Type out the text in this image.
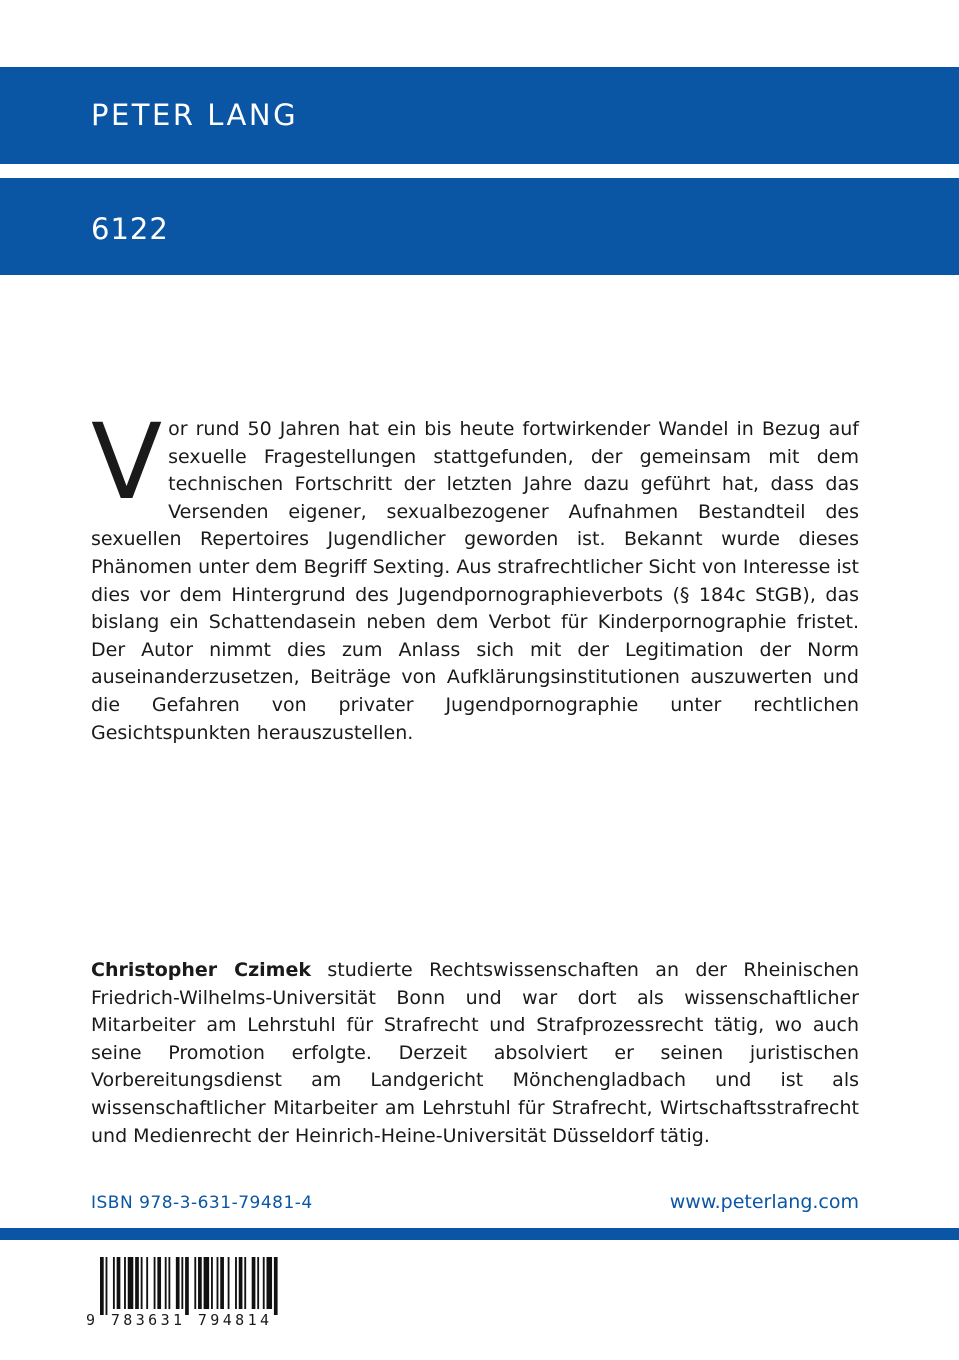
PETER LANG
6122
V or rund 50 Jahren hat ein bis heute fortwirkender Wandel in Bezug auf sexuelle Fragestellungen stattgefunden, der gemeinsam mit dem technischen Fortschritt der letzten Jahre dazu geführt hat, dass das Versenden eigener, sexualbezogener Aufnahmen Bestandteil des sexuellen Repertoires Jugendlicher geworden ist. Bekannt wurde dieses Phänomen unter dem Begriff Sexting. Aus strafrechtlicher Sicht von Interesse ist dies vor dem Hintergrund des Jugendpornographieverbots (§ 184c StGB), das bislang ein Schattendasein neben dem Verbot für Kinderpornographie fristet. Der Autor nimmt dies zum Anlass sich mit der Legitimation der Norm auseinanderzusetzen, Beiträge von Aufklärungsinstitutionen auszuwerten und die Gefahren von privater Jugendpornographie unter rechtlichen Gesichtspunkten herauszustellen.
Christopher Czimek studierte Rechtswissenschaften an der Rheinischen Friedrich-Wilhelms-Universität Bonn und war dort als wissenschaftlicher Mitarbeiter am Lehrstuhl für Strafrecht und Strafprozessrecht tätig, wo auch seine Promotion erfolgte. Derzeit absolviert er seinen juristischen Vorbereitungsdienst am Landgericht Mönchengladbach und ist als wissenschaftlicher Mitarbeiter am Lehrstuhl für Strafrecht, Wirtschaftsstrafrecht und Medienrecht der Heinrich-Heine-Universität Düsseldorf tätig.
ISBN 978-3-631-79481-4	www.peterlang.com
9 783631 794814
